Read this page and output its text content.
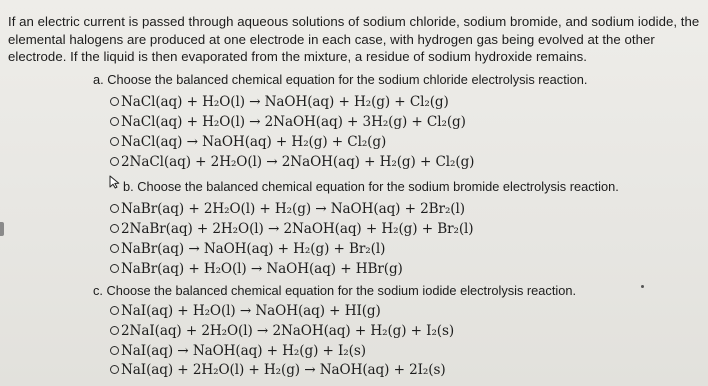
If an electric current is passed through aqueous solutions of sodium chloride, sodium bromide, and sodium iodide, the
elemental halogens are produced at one electrode in each case, with hydrogen gas being evolved at the other
electrode. If the liquid is then evaporated from the mixture, a residue of sodium hydroxide remains.
a. Choose the balanced chemical equation for the sodium chloride electrolysis reaction.
NaCl(aq) + H₂O(l) → NaOH(aq) + H₂(g) + Cl₂(g)
NaCl(aq) + H₂O(l) → 2NaOH(aq) + 3H₂(g) + Cl₂(g)
NaCl(aq) → NaOH(aq) + H₂(g) + Cl₂(g)
2NaCl(aq) + 2H₂O(l) → 2NaOH(aq) + H₂(g) + Cl₂(g)
b. Choose the balanced chemical equation for the sodium bromide electrolysis reaction.
NaBr(aq) + 2H₂O(l) + H₂(g) → NaOH(aq) + 2Br₂(l)
2NaBr(aq) + 2H₂O(l) → 2NaOH(aq) + H₂(g) + Br₂(l)
NaBr(aq) → NaOH(aq) + H₂(g) + Br₂(l)
NaBr(aq) + H₂O(l) → NaOH(aq) + HBr(g)
c. Choose the balanced chemical equation for the sodium iodide electrolysis reaction.
NaI(aq) + H₂O(l) → NaOH(aq) + HI(g)
2NaI(aq) + 2H₂O(l) → 2NaOH(aq) + H₂(g) + I₂(s)
NaI(aq) → NaOH(aq) + H₂(g) + I₂(s)
NaI(aq) + 2H₂O(l) + H₂(g) → NaOH(aq) + 2I₂(s)
